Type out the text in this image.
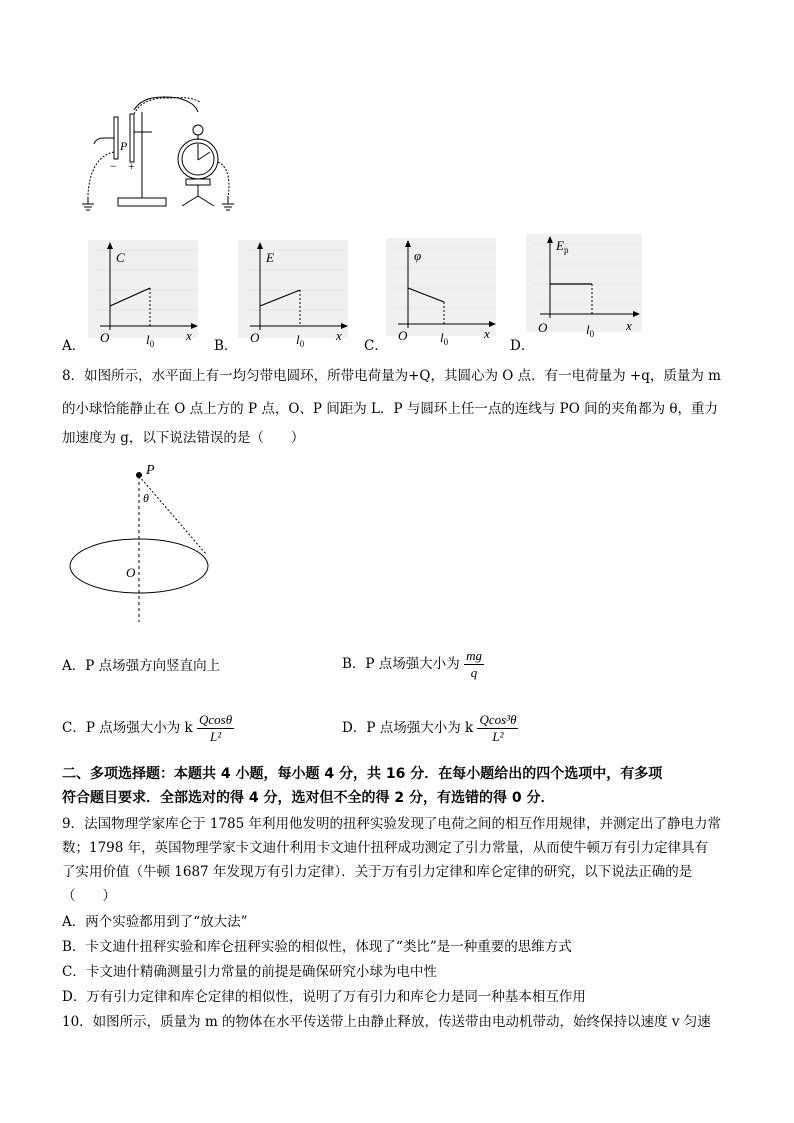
P
− +
A．
C
O	$l_0$
x
B．
E
O	$l_0$
x
C．
φ
O	$l_0$
x
D．
$E_p$
O	$l_0$
x
8．如图所示，水平面上有一均匀带电圆环，所带电荷量为+Q，其圆心为 O 点．有一电荷量为 +q，质量为 m
的小球恰能静止在 O 点上方的 P 点，O、P 间距为 L．P 与圆环上任一点的连线与 PO 间的夹角都为 θ，重力
加速度为 g，以下说法错误的是（　　）
P
θ
O
A．P 点场强方向竖直向上	B．P 点场强大小为 $\frac{mg}{q}$
C．P 点场强大小为 k $\frac{Qcos\theta}{\text{L²}}$	D．P 点场强大小为 k $\frac{\text{Qcos³θ}}{\text{L²}}$
二、多项选择题：本题共 4 小题，每小题 4 分，共 16 分．在每小题给出的四个选项中，有多项
符合题目要求．全部选对的得 4 分，选对但不全的得 2 分，有选错的得 0 分．
9．法国物理学家库仑于 1785 年利用他发明的扭秤实验发现了电荷之间的相互作用规律，并测定出了静电力常
数；1798 年，英国物理学家卡文迪什利用卡文迪什扭秤成功测定了引力常量，从而使牛顿万有引力定律具有
了实用价值（牛顿 1687 年发现万有引力定律）．关于万有引力定律和库仑定律的研究，以下说法正确的是
（　　）
A．两个实验都用到了“放大法”
B．卡文迪什扭秤实验和库仑扭秤实验的相似性，体现了“类比”是一种重要的思维方式
C．卡文迪什精确测量引力常量的前提是确保研究小球为电中性
D．万有引力定律和库仑定律的相似性，说明了万有引力和库仑力是同一种基本相互作用
10．如图所示，质量为 m 的物体在水平传送带上由静止释放，传送带由电动机带动，始终保持以速度 v 匀速
